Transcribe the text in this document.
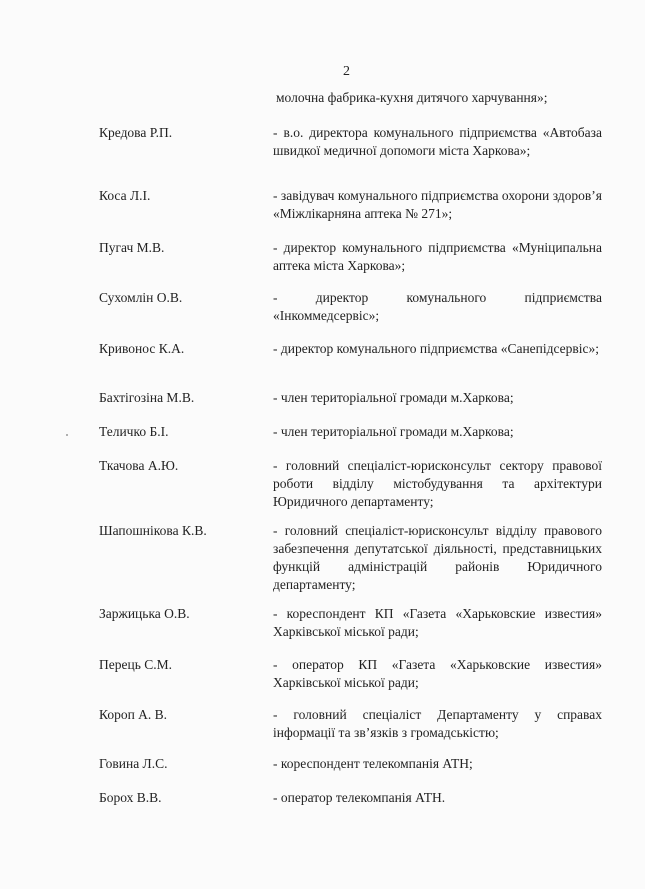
2
молочна фабрика-кухня дитячого харчування»;
Кредова Р.П.	- в.о. директора комунального підприємства «Автобаза швидкої медичної допомоги міста Харкова»;
Коса Л.І.	- завідувач комунального підприємства охорони здоров’я «Міжлікарняна аптека № 271»;
Пугач М.В.	- директор комунального підприємства «Муніципальна аптека міста Харкова»;
Сухомлін О.В.	- директор комунального підприємства «Інкоммедсервіс»;
Кривонос К.А.	- директор комунального підприємства «Санепідсервіс»;
Бахтігозіна М.В.	- член територіальної громади м.Харкова;
Теличко Б.І.	- член територіальної громади м.Харкова;
Ткачова А.Ю.	- головний спеціаліст-юрисконсульт сектору правової роботи відділу містобудування та архітектури Юридичного департаменту;
Шапошнікова К.В.	- головний спеціаліст-юрисконсульт відділу правового забезпечення депутатської діяльності, представницьких функцій адміністрацій районів Юридичного департаменту;
Заржицька О.В.	- кореспондент КП «Газета «Харьковские известия» Харківської міської ради;
Перець С.М.	- оператор КП «Газета «Харьковские известия» Харківської міської ради;
Короп А. В.	- головний спеціаліст Департаменту у справах інформації та зв’язків з громадськістю;
Говина Л.С.	- кореспондент телекомпанія АТН;
Борох В.В.	- оператор телекомпанія АТН.
